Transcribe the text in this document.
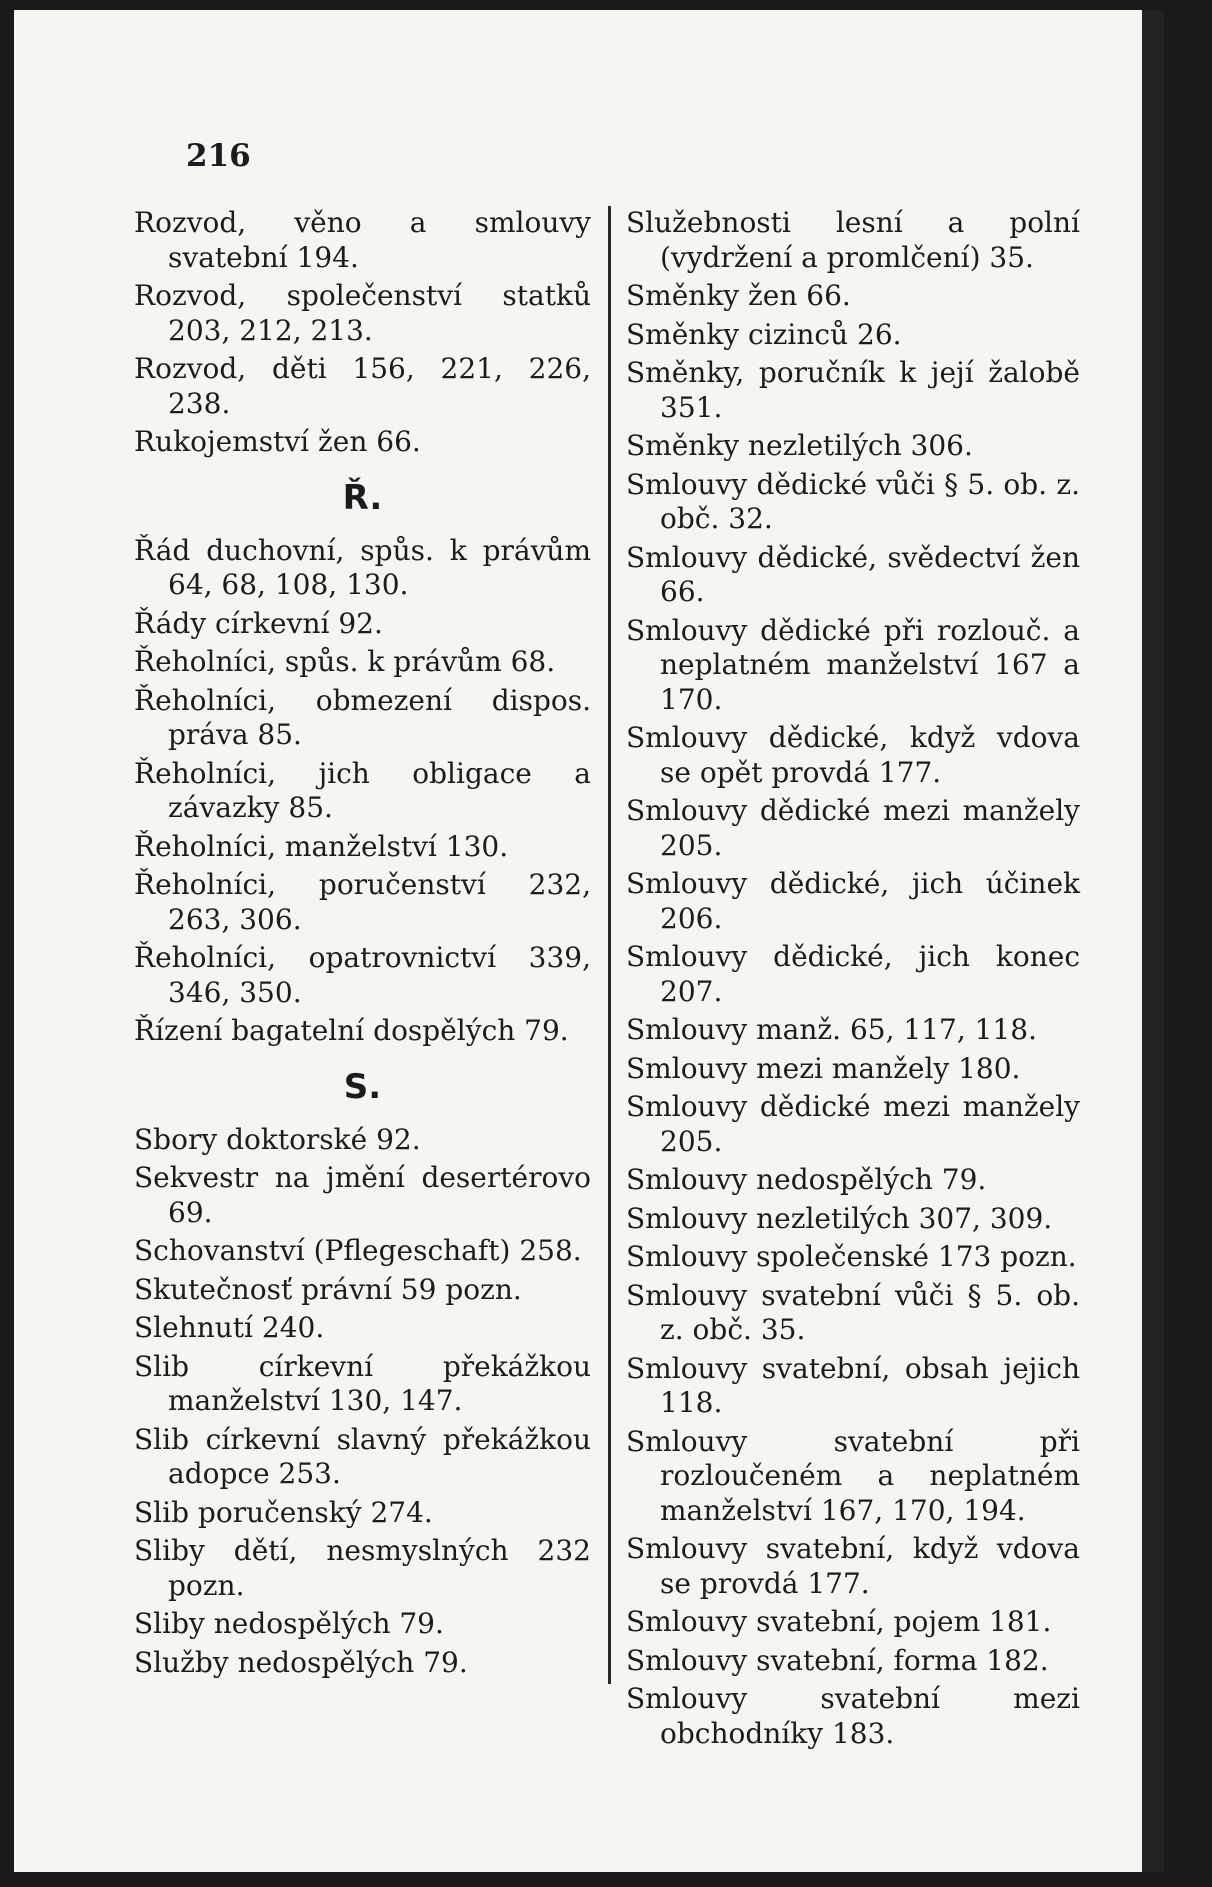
216

Rozvod, věno a smlouvy svatební 194.

Rozvod, společenství statků 203, 212, 213.

Rozvod, děti 156, 221, 226, 238.

Rukojemství žen 66.

Ř.

Řád duchovní, spůs. k právům 64, 68, 108, 130.

Řády církevní 92.

Řeholníci, spůs. k právům 68.

Řeholníci, obmezení dispos. práva 85.

Řeholníci, jich obligace a závazky 85.

Řeholníci, manželství 130.

Řeholníci, poručenství 232, 263, 306.

Řeholníci, opatrovnictví 339, 346, 350.

Řízení bagatelní dospělých 79.

S.

Sbory doktorské 92.

Sekvestr na jmění desertérovo 69.

Schovanství (Pflegeschaft) 258.

Skutečnosť právní 59 pozn.

Slehnutí 240.

Slib církevní překážkou manželství 130, 147.

Slib církevní slavný překážkou adopce 253.

Slib poručenský 274.

Sliby dětí, nesmyslných 232 pozn.

Sliby nedospělých 79.

Služby nedospělých 79.

Služebnosti lesní a polní (vydržení a promlčení) 35.

Směnky žen 66.

Směnky cizinců 26.

Směnky, poručník k její žalobě 351.

Směnky nezletilých 306.

Smlouvy dědické vůči § 5. ob. z. obč. 32.

Smlouvy dědické, svědectví žen 66.

Smlouvy dědické při rozlouč. a neplatném manželství 167 a 170.

Smlouvy dědické, když vdova se opět provdá 177.

Smlouvy dědické mezi manžely 205.

Smlouvy dědické, jich účinek 206.

Smlouvy dědické, jich konec 207.

Smlouvy manž. 65, 117, 118.

Smlouvy mezi manžely 180.

Smlouvy dědické mezi manžely 205.

Smlouvy nedospělých 79.

Smlouvy nezletilých 307, 309.

Smlouvy společenské 173 pozn.

Smlouvy svatební vůči § 5. ob. z. obč. 35.

Smlouvy svatební, obsah jejich 118.

Smlouvy svatební při rozloučeném a neplatném manželství 167, 170, 194.

Smlouvy svatební, když vdova se provdá 177.

Smlouvy svatební, pojem 181.

Smlouvy svatební, forma 182.

Smlouvy svatební mezi obchodníky 183.
